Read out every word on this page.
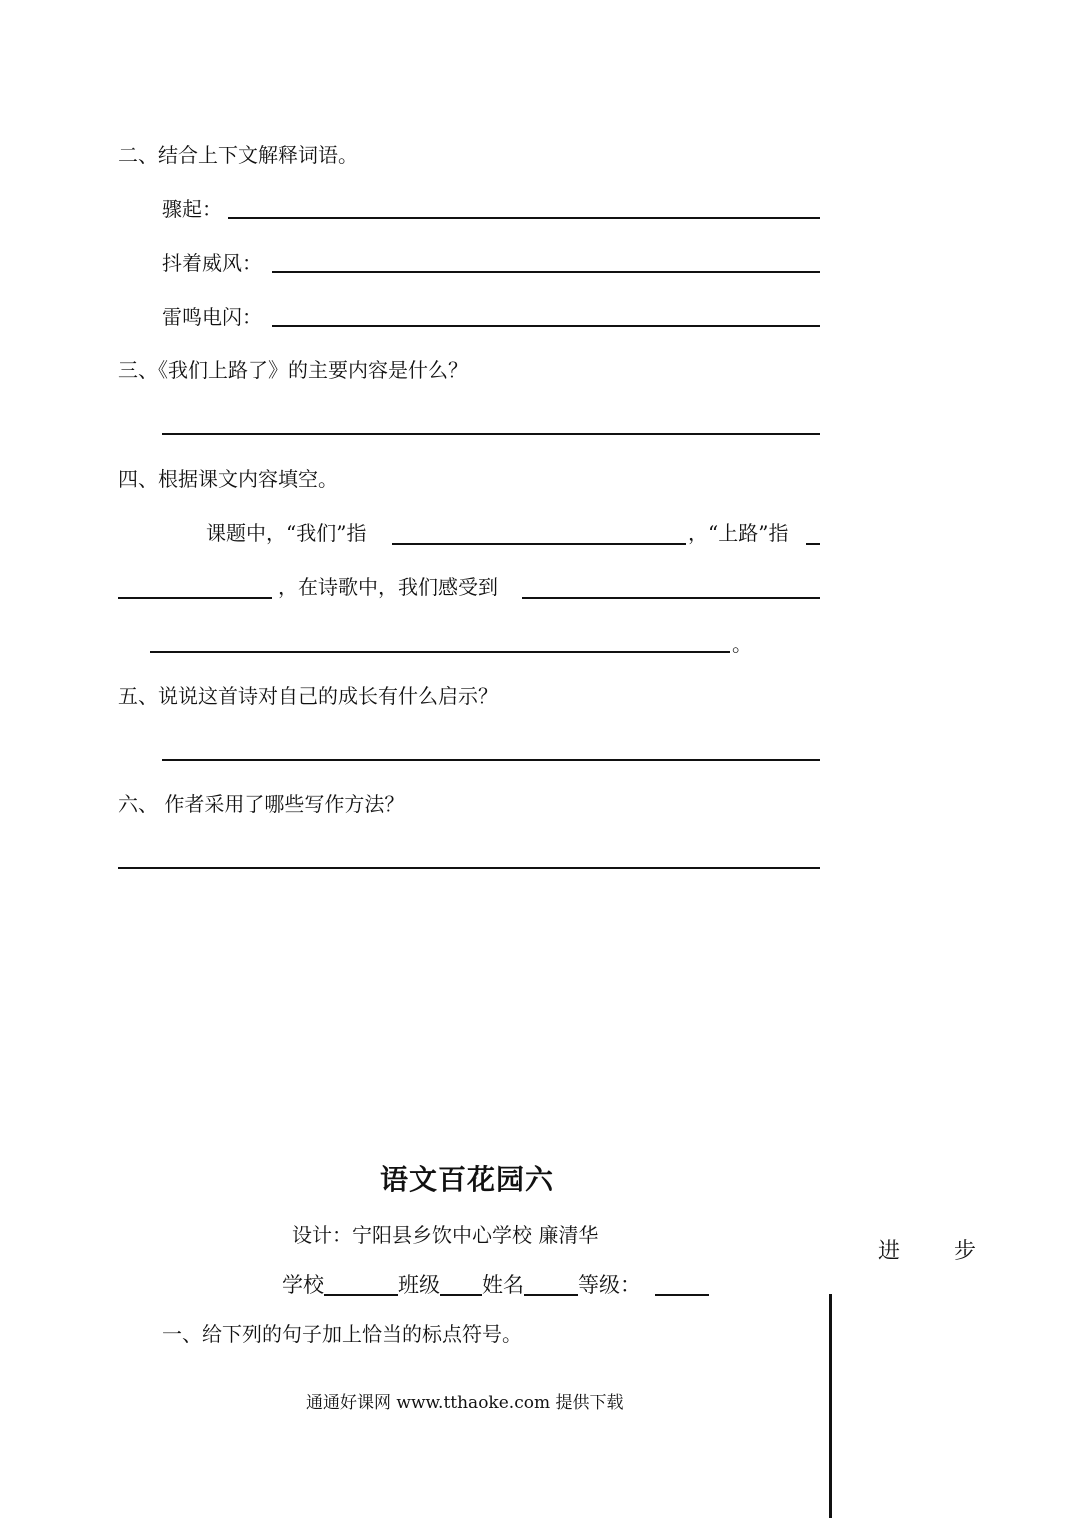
二、结合上下文解释词语。
骤起：
抖着威风：
雷鸣电闪：
三、《我们上路了》的主要内容是什么？
四、根据课文内容填空。
课题中，“我们”指	，“上路”指
，在诗歌中，我们感受到
。
五、说说这首诗对自己的成长有什么启示？
六、 作者采用了哪些写作方法？
语文百花园六
设计：宁阳县乡饮中心学校 廉清华
学校	班级 姓名	等级：
一、给下列的句子加上恰当的标点符号。
进 步
通通好课网 www.tthaoke.com 提供下载
